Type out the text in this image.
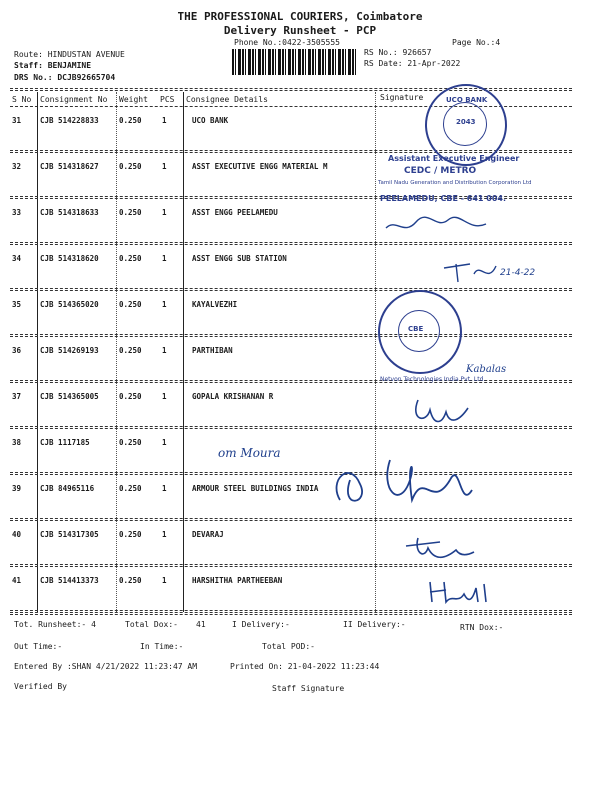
THE PROFESSIONAL COURIERS, Coimbatore
Delivery Runsheet - PCP
Phone No.:0422-3505555	Page No.:4
Route: HINDUSTAN AVENUE
Staff: BENJAMINE
DRS No.: DCJB92665704
RS No.: 926657
RS Date: 21-Apr-2022
S No Consignment No Weight PCS Consignee Details	Signature
31	CJB 514228833	0.250	1	UCO BANK
32	CJB 514318627	0.250	1	ASST EXECUTIVE ENGG MATERIAL M
33	CJB 514318633	0.250	1	ASST ENGG PEELAMEDU
34	CJB 514318620	0.250	1	ASST ENGG SUB STATION
35	CJB 514365020	0.250	1	KAYALVEZHI
36	CJB 514269193	0.250	1	PARTHIBAN
37	CJB 514365005	0.250	1	GOPALA KRISHANAN R
38	CJB 1117185	0.250	1
39	CJB 84965116	0.250	1	ARMOUR STEEL BUILDINGS INDIA
40	CJB 514317305	0.250	1	DEVARAJ
41	CJB 514413373	0.250	1	HARSHITHA PARTHEEBAN
UCO BANK
2043
Assistant Executive Engineer
CEDC / METRO
Tamil Nadu Generation and Distribution Corporation Ltd
PEELAMEDU, CBE - 641 004.
CBE
Netvon Technologies India Pvt. Ltd.
21-4-22
Kabalas
om Moura
Tot. Runsheet:- 4	Total Dox:- 41	I Delivery:-	II Delivery:-	RTN Dox:-
Out Time:-	In Time:-	Total POD:-
Entered By :SHAN 4/21/2022 11:23:47 AM	Printed On: 21-04-2022 11:23:44
Verified By	Staff Signature
